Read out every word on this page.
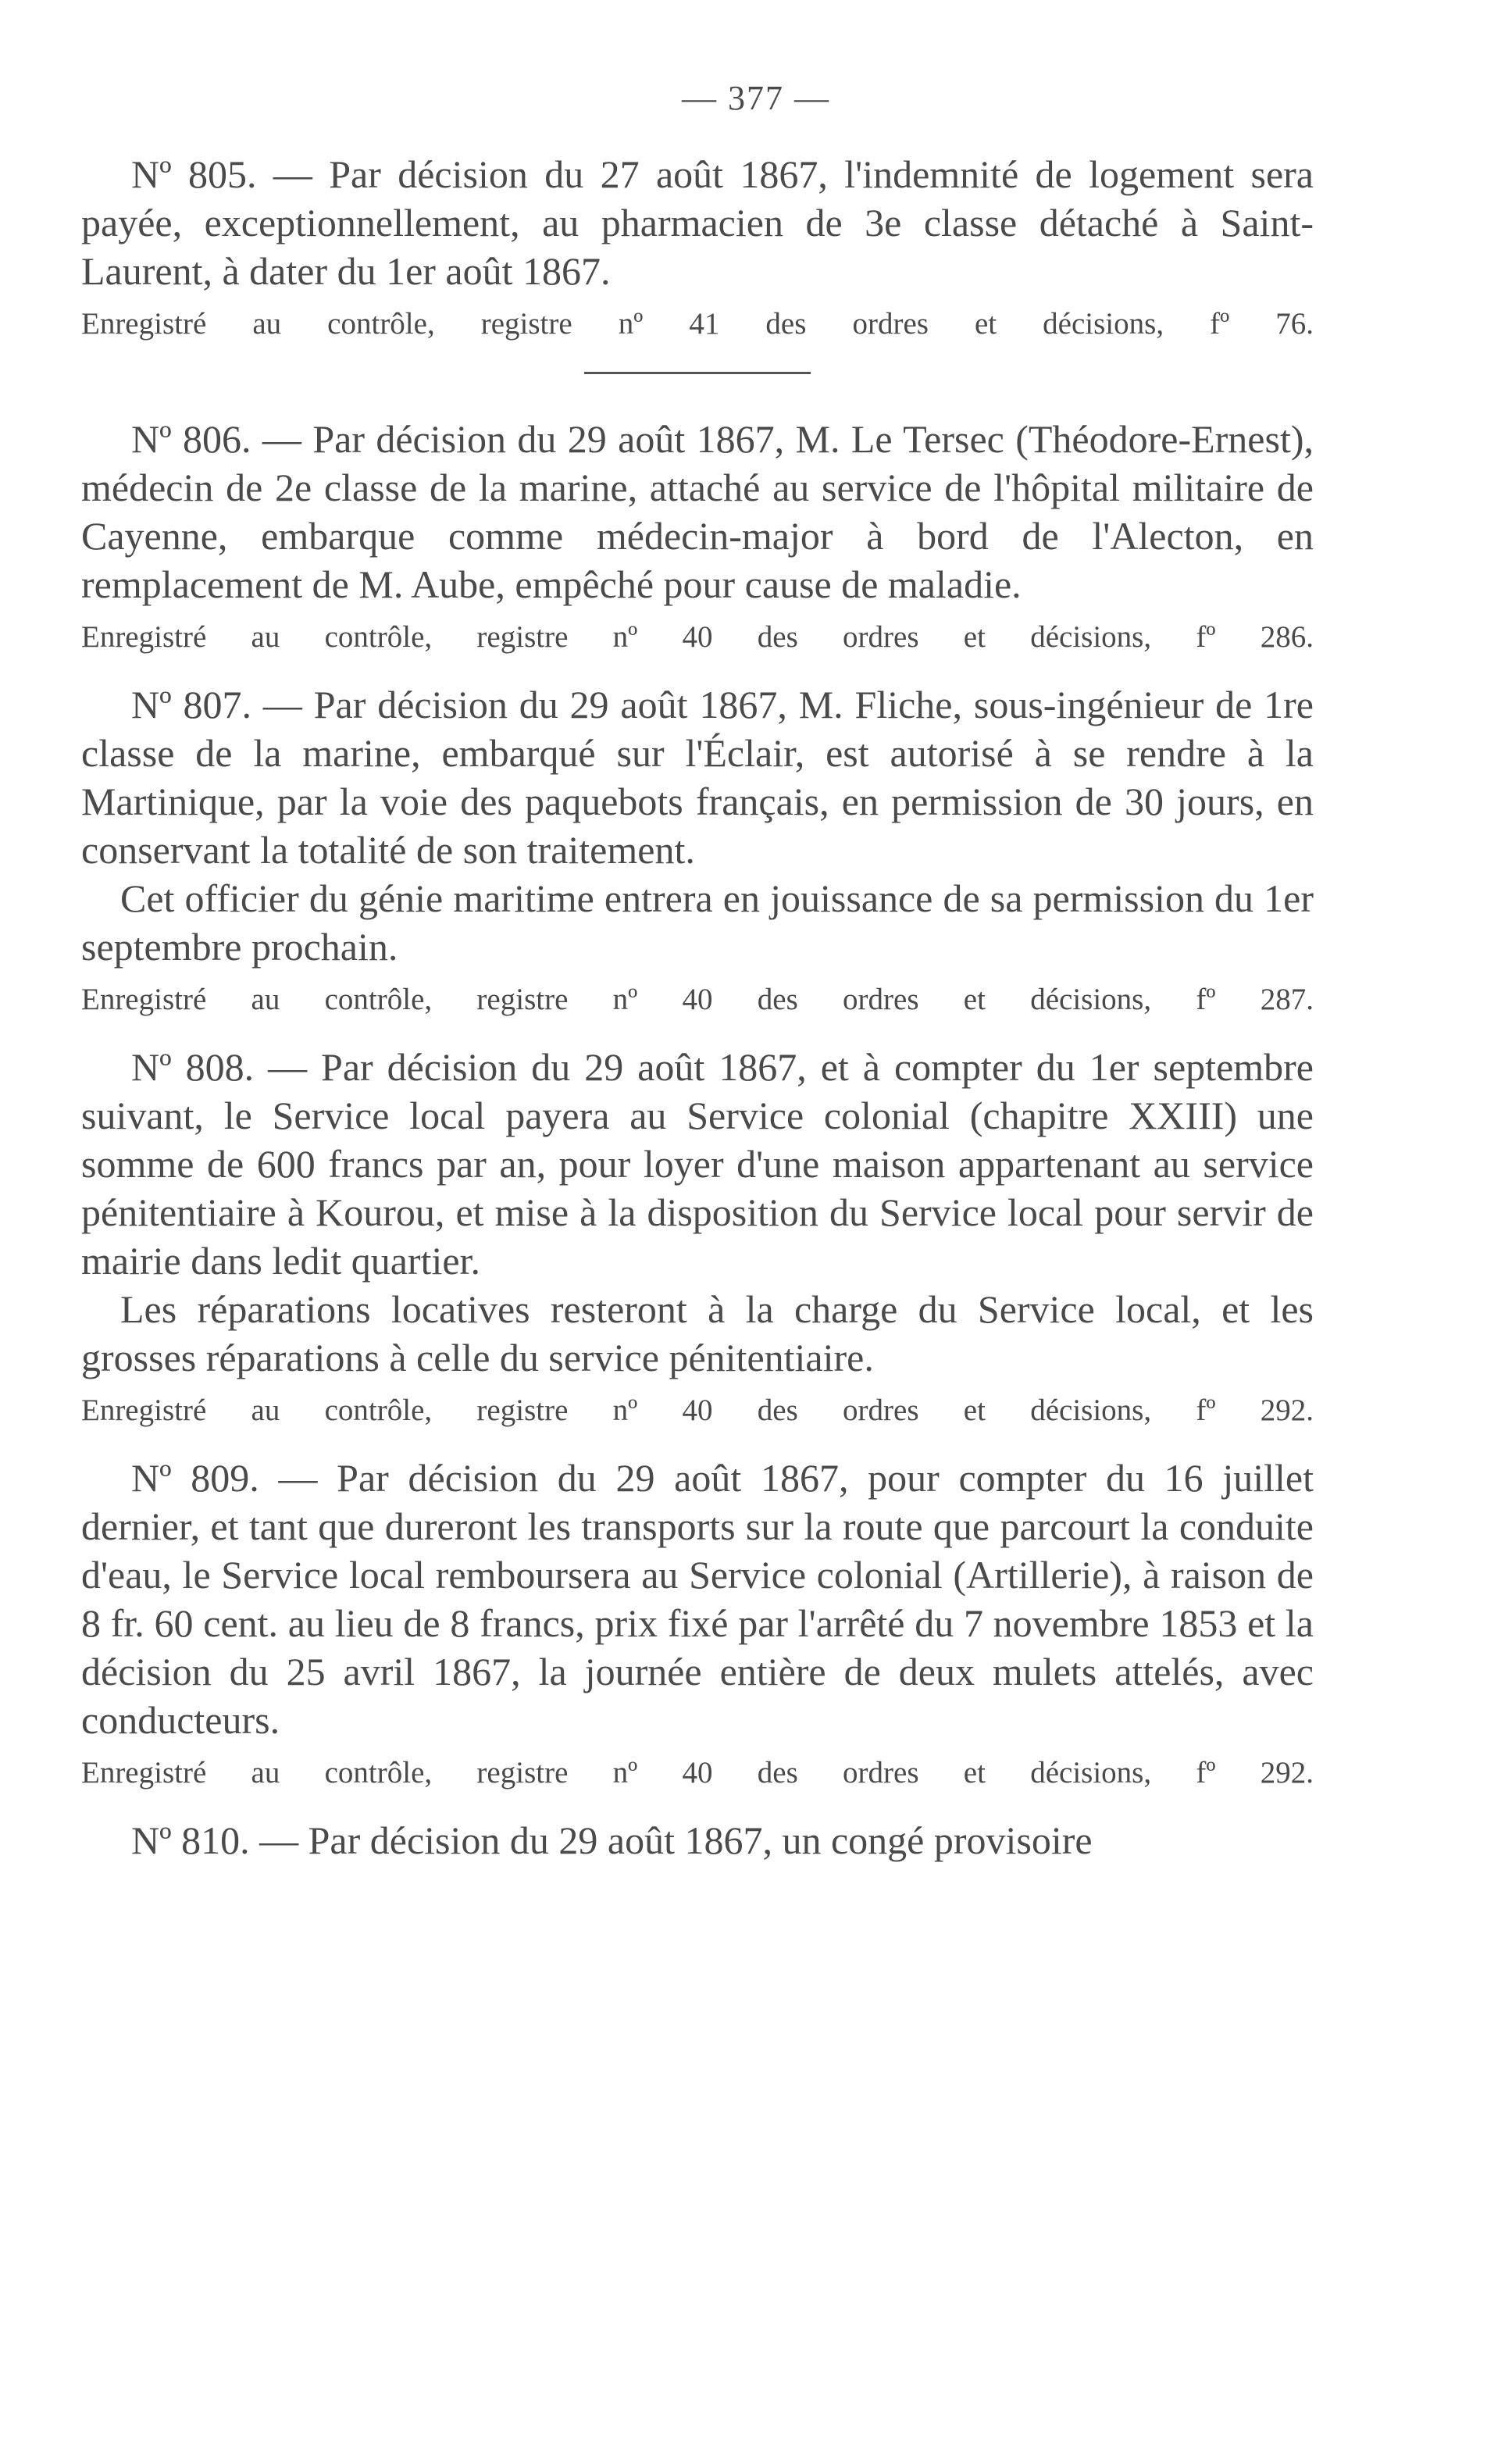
— 377 —

Nº 805. — Par décision du 27 août 1867, l'indemnité de logement sera payée, exceptionnellement, au pharmacien de 3e classe détaché à Saint-Laurent, à dater du 1er août 1867.

Enregistré au contrôle, registre nº 41 des ordres et décisions, fº 76.

Nº 806. — Par décision du 29 août 1867, M. Le Tersec (Théodore-Ernest), médecin de 2e classe de la marine, attaché au service de l'hôpital militaire de Cayenne, embarque comme médecin-major à bord de l'Alecton, en remplacement de M. Aube, empêché pour cause de maladie.

Enregistré au contrôle, registre nº 40 des ordres et décisions, fº 286.

Nº 807. — Par décision du 29 août 1867, M. Fliche, sous-ingénieur de 1re classe de la marine, embarqué sur l'Éclair, est autorisé à se rendre à la Martinique, par la voie des paquebots français, en permission de 30 jours, en conservant la totalité de son traitement.

Cet officier du génie maritime entrera en jouissance de sa permission du 1er septembre prochain.

Enregistré au contrôle, registre nº 40 des ordres et décisions, fº 287.

Nº 808. — Par décision du 29 août 1867, et à compter du 1er septembre suivant, le Service local payera au Service colonial (chapitre XXIII) une somme de 600 francs par an, pour loyer d'une maison appartenant au service pénitentiaire à Kourou, et mise à la disposition du Service local pour servir de mairie dans ledit quartier.

Les réparations locatives resteront à la charge du Service local, et les grosses réparations à celle du service pénitentiaire.

Enregistré au contrôle, registre nº 40 des ordres et décisions, fº 292.

Nº 809. — Par décision du 29 août 1867, pour compter du 16 juillet dernier, et tant que dureront les transports sur la route que parcourt la conduite d'eau, le Service local remboursera au Service colonial (Artillerie), à raison de 8 fr. 60 cent. au lieu de 8 francs, prix fixé par l'arrêté du 7 novembre 1853 et la décision du 25 avril 1867, la journée entière de deux mulets attelés, avec conducteurs.

Enregistré au contrôle, registre nº 40 des ordres et décisions, fº 292.

Nº 810. — Par décision du 29 août 1867, un congé provisoire
